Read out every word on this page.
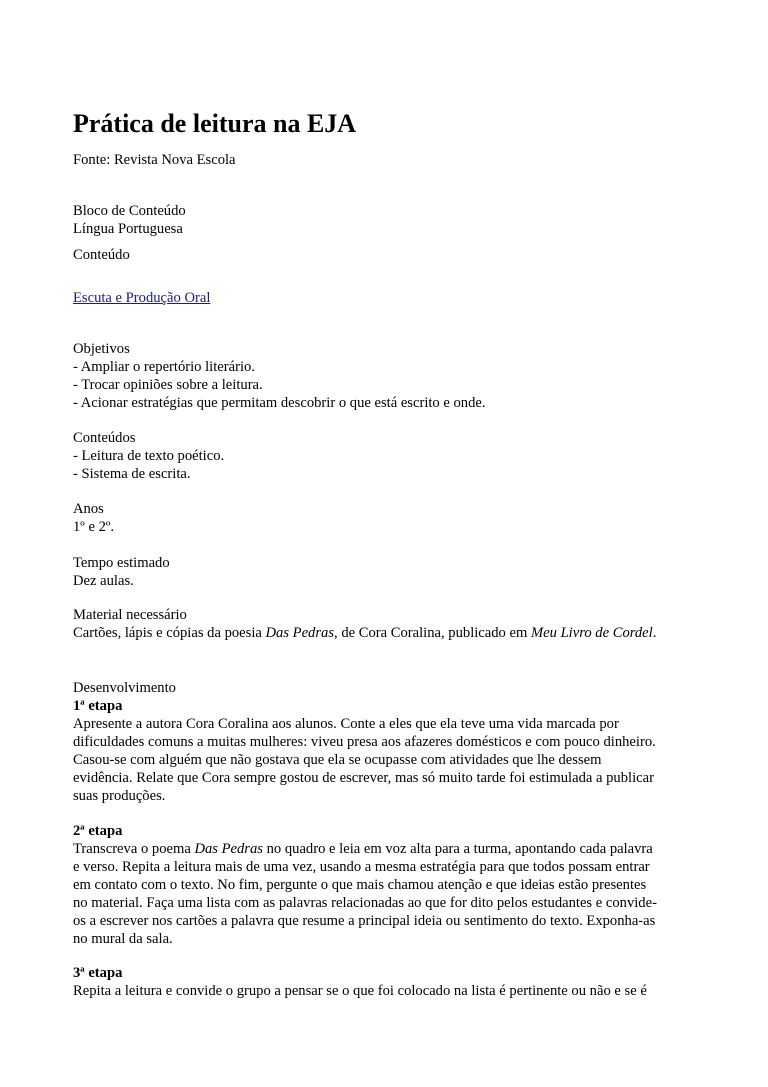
Prática de leitura na EJA
Fonte: Revista Nova Escola
Bloco de Conteúdo
Língua Portuguesa
Conteúdo
Escuta e Produção Oral
Objetivos
- Ampliar o repertório literário.
- Trocar opiniões sobre a leitura.
- Acionar estratégias que permitam descobrir o que está escrito e onde.
Conteúdos
- Leitura de texto poético.
- Sistema de escrita.
Anos
1º e 2º.
Tempo estimado
Dez aulas.
Material necessário
Cartões, lápis e cópias da poesia Das Pedras, de Cora Coralina, publicado em Meu Livro de Cordel.
Desenvolvimento
1ª etapa
Apresente a autora Cora Coralina aos alunos. Conte a eles que ela teve uma vida marcada por
dificuldades comuns a muitas mulheres: viveu presa aos afazeres domésticos e com pouco dinheiro.
Casou-se com alguém que não gostava que ela se ocupasse com atividades que lhe dessem
evidência. Relate que Cora sempre gostou de escrever, mas só muito tarde foi estimulada a publicar
suas produções.
2ª etapa
Transcreva o poema Das Pedras no quadro e leia em voz alta para a turma, apontando cada palavra
e verso. Repita a leitura mais de uma vez, usando a mesma estratégia para que todos possam entrar
em contato com o texto. No fim, pergunte o que mais chamou atenção e que ideias estão presentes
no material. Faça uma lista com as palavras relacionadas ao que for dito pelos estudantes e convide-
os a escrever nos cartões a palavra que resume a principal ideia ou sentimento do texto. Exponha-as
no mural da sala.
3ª etapa
Repita a leitura e convide o grupo a pensar se o que foi colocado na lista é pertinente ou não e se é
